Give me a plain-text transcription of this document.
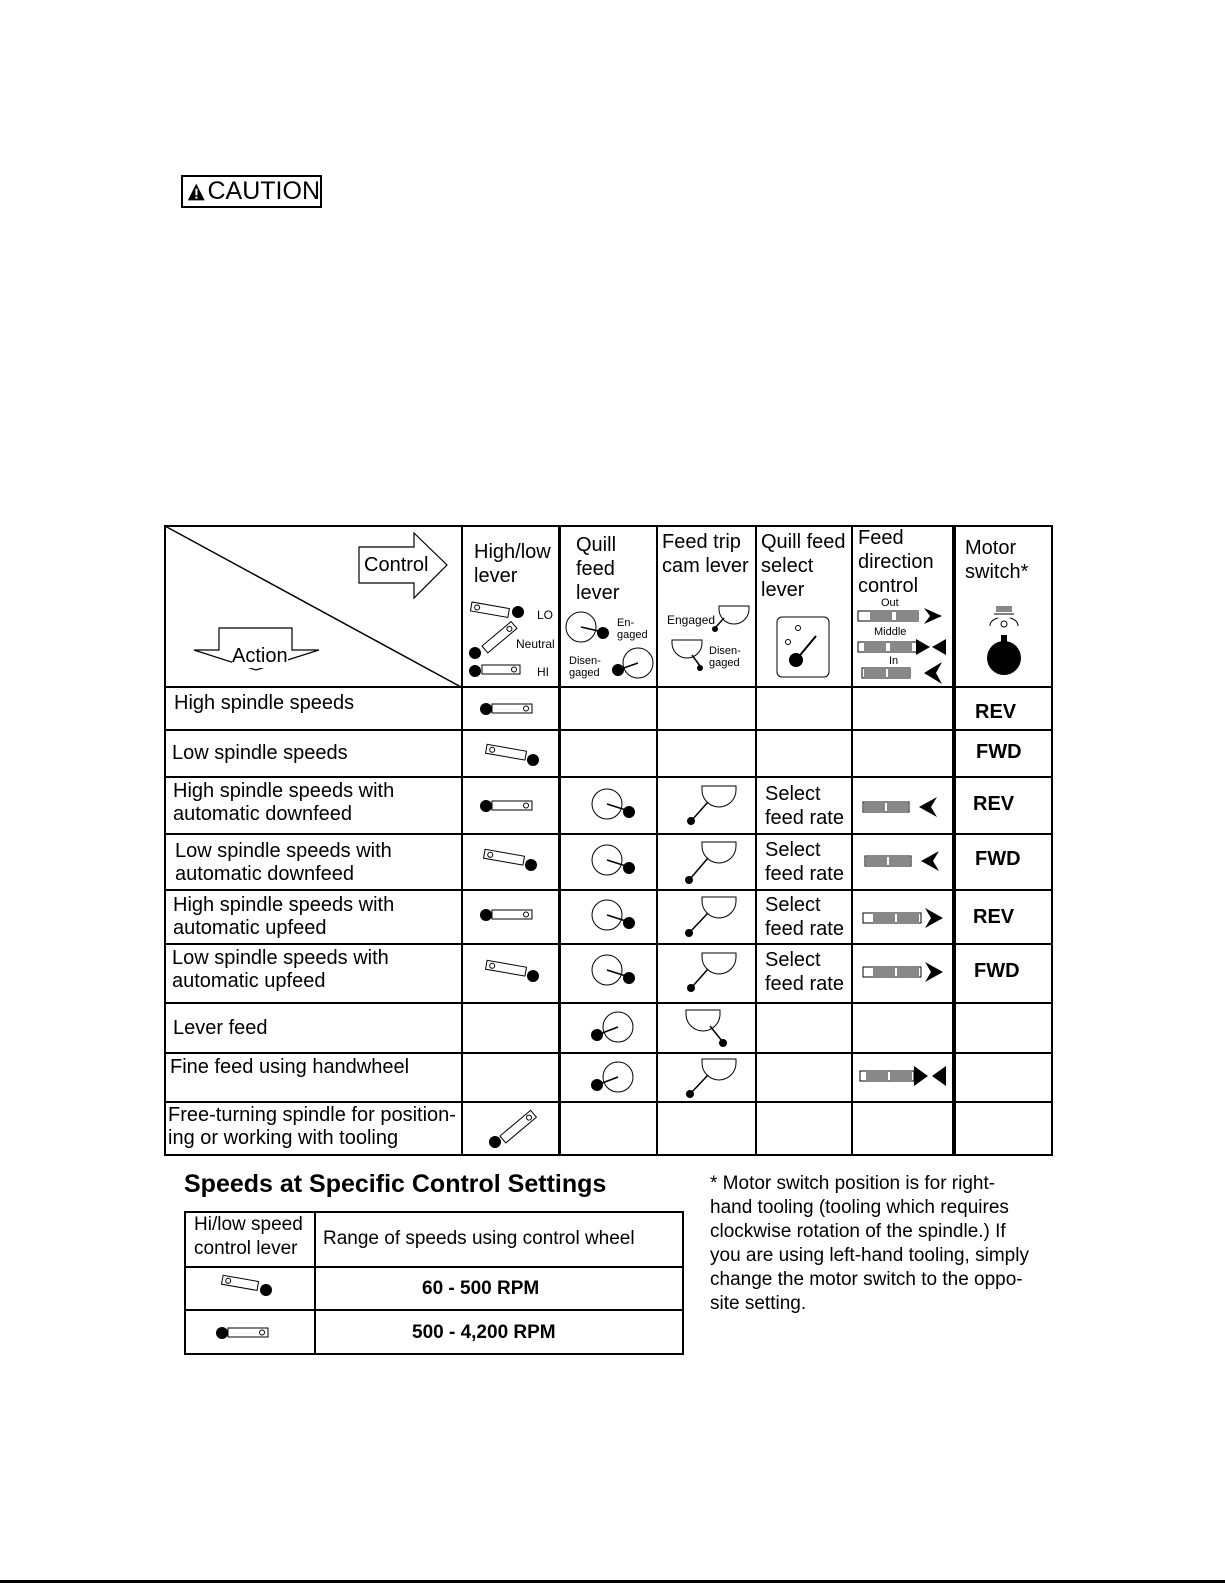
CAUTION
Control
Action
High/low
lever
Quill
feed
lever
Feed trip
cam lever
Quill feed
select
lever
Feed
direction
control
Motor
switch*
LO
Neutral
HI
En-
gaged
Disen-
gaged
Engaged
Disen-
gaged
Out
Middle
In
High spindle speeds
Low spindle speeds
High spindle speeds with
automatic downfeed
Low spindle speeds with
automatic downfeed
High spindle speeds with
automatic upfeed
Low spindle speeds with
automatic upfeed
Lever feed
Fine feed using handwheel
Free-turning spindle for position-
ing or working with tooling
Select
feed rate
Select
feed rate
Select
feed rate
Select
feed rate
REV
FWD
REV
FWD
REV
FWD
Speeds at Specific Control Settings
Hi/low speed
control lever Range of speeds using control wheel
60 - 500 RPM
500 - 4,200 RPM
* Motor switch position is for right-
hand tooling (tooling which requires
clockwise rotation of the spindle.) If
you are using left-hand tooling, simply
change the motor switch to the oppo-
site setting.
